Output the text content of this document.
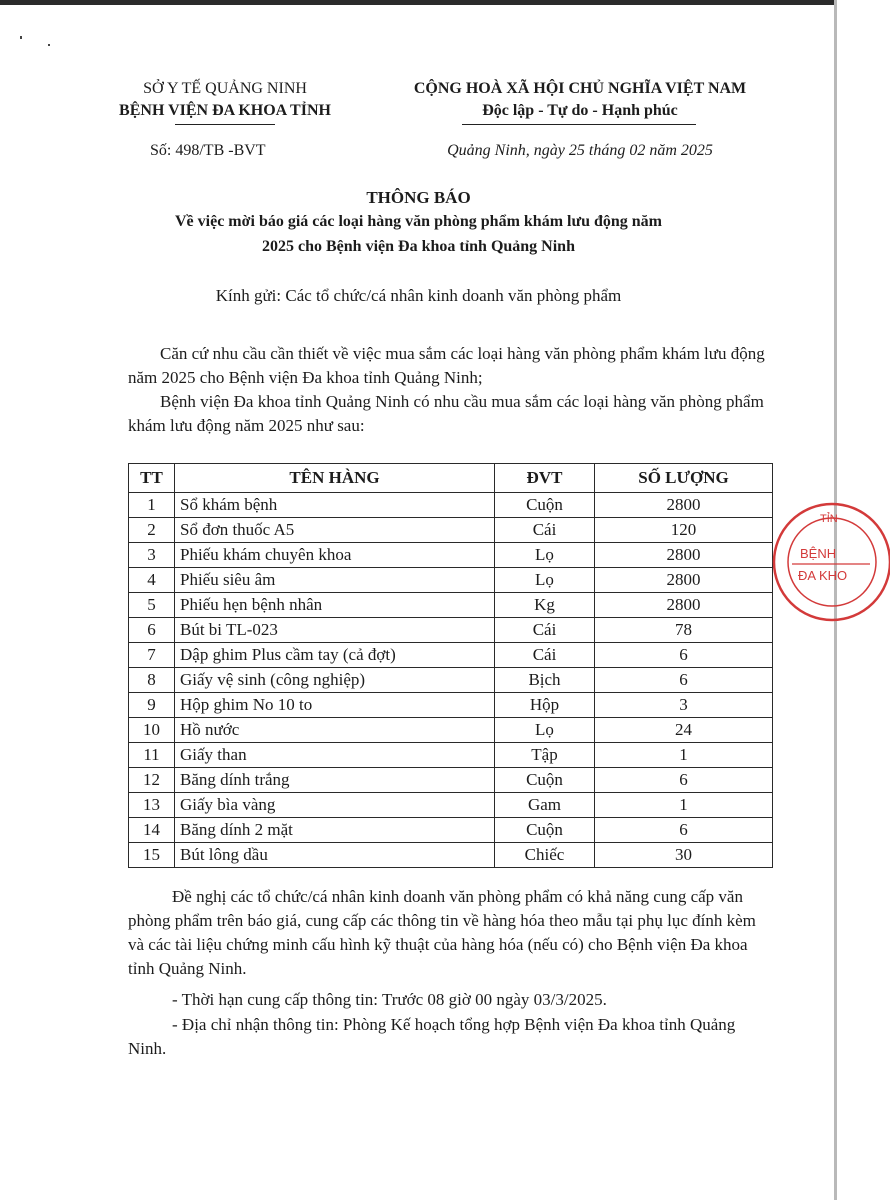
SỞ Y TẾ QUẢNG NINH
BỆNH VIỆN ĐA KHOA TỈNH
Số: 498/TB -BVT
CỘNG HOÀ XÃ HỘI CHỦ NGHĨA VIỆT NAM
Độc lập - Tự do - Hạnh phúc
Quảng Ninh, ngày 25 tháng 02 năm 2025
THÔNG BÁO
Về việc mời báo giá các loại hàng văn phòng phẩm khám lưu động năm
2025 cho Bệnh viện Đa khoa tỉnh Quảng Ninh
Kính gửi: Các tổ chức/cá nhân kinh doanh văn phòng phẩm
Căn cứ nhu cầu cần thiết về việc mua sắm các loại hàng văn phòng phẩm khám lưu động năm 2025 cho Bệnh viện Đa khoa tỉnh Quảng Ninh;
Bệnh viện Đa khoa tỉnh Quảng Ninh có nhu cầu mua sắm các loại hàng văn phòng phẩm khám lưu động năm 2025 như sau:
TT	TÊN HÀNG	ĐVT	SỐ LƯỢNG
1	Sổ khám bệnh	Cuộn	2800
2	Sổ đơn thuốc A5	Cái	120
3	Phiếu khám chuyên khoa	Lọ	2800
4	Phiếu siêu âm	Lọ	2800
5	Phiếu hẹn bệnh nhân	Kg	2800
6	Bút bi TL-023	Cái	78
7	Dập ghim Plus cầm tay (cả đợt)	Cái	6
8	Giấy vệ sinh (công nghiệp)	Bịch	6
9	Hộp ghim No 10 to	Hộp	3
10	Hồ nước	Lọ	24
11	Giấy than	Tập	1
12	Băng dính trắng	Cuộn	6
13	Giấy bìa vàng	Gam	1
14	Băng dính 2 mặt	Cuộn	6
15	Bút lông dầu	Chiếc	30
Đề nghị các tổ chức/cá nhân kinh doanh văn phòng phẩm có khả năng cung cấp văn phòng phẩm trên báo giá, cung cấp các thông tin về hàng hóa theo mẫu tại phụ lục đính kèm và các tài liệu chứng minh cấu hình kỹ thuật của hàng hóa (nếu có) cho Bệnh viện Đa khoa tỉnh Quảng Ninh.
- Thời hạn cung cấp thông tin: Trước 08 giờ 00 ngày 03/3/2025.
- Địa chỉ nhận thông tin: Phòng Kế hoạch tổng hợp Bệnh viện Đa khoa tỉnh Quảng Ninh.
TỈN
BỆNH
ĐA KHO
